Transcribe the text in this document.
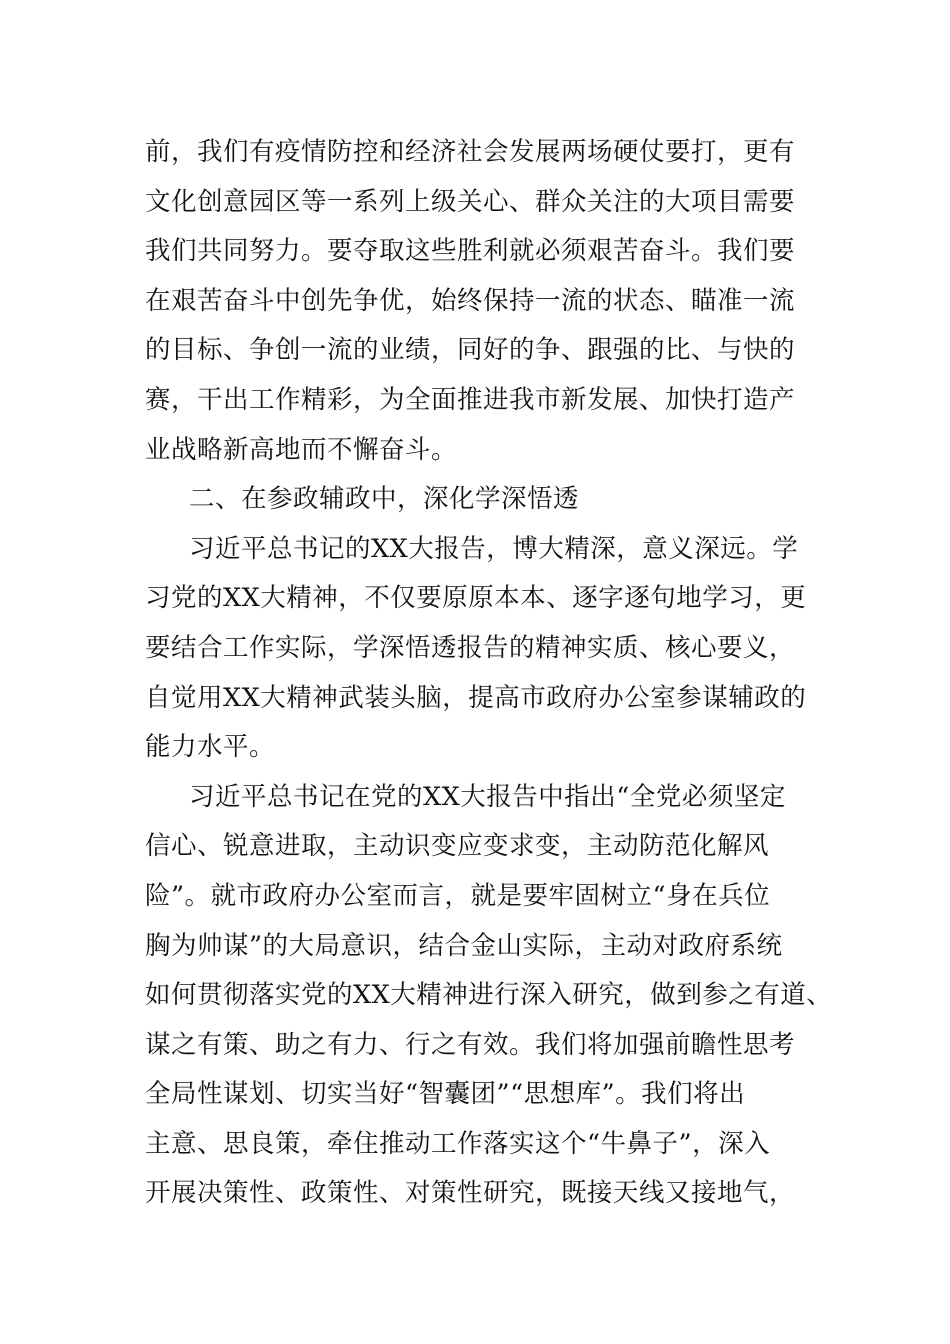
前，我们有疫情防控和经济社会发展两场硬仗要打，更有
文化创意园区等一系列上级关心、群众关注的大项目需要
我们共同努力。要夺取这些胜利就必须艰苦奋斗。我们要
在艰苦奋斗中创先争优，始终保持一流的状态、瞄准一流
的目标、争创一流的业绩，同好的争、跟强的比、与快的
赛，干出工作精彩，为全面推进我市新发展、加快打造产
业战略新高地而不懈奋斗。
二、在参政辅政中，深化学深悟透
习近平总书记的XX大报告，博大精深，意义深远。学
习党的XX大精神，不仅要原原本本、逐字逐句地学习，更
要结合工作实际，学深悟透报告的精神实质、核心要义，
自觉用XX大精神武装头脑，提高市政府办公室参谋辅政的
能力水平。
习近平总书记在党的XX大报告中指出“全党必须坚定
信心、锐意进取，主动识变应变求变，主动防范化解风
险”。就市政府办公室而言，就是要牢固树立“身在兵位
胸为帅谋”的大局意识，结合金山实际，主动对政府系统
如何贯彻落实党的XX大精神进行深入研究，做到参之有道、
谋之有策、助之有力、行之有效。我们将加强前瞻性思考
全局性谋划、切实当好“智囊团”“思想库”。我们将出
主意、思良策，牵住推动工作落实这个“牛鼻子”，深入
开展决策性、政策性、对策性研究，既接天线又接地气，
